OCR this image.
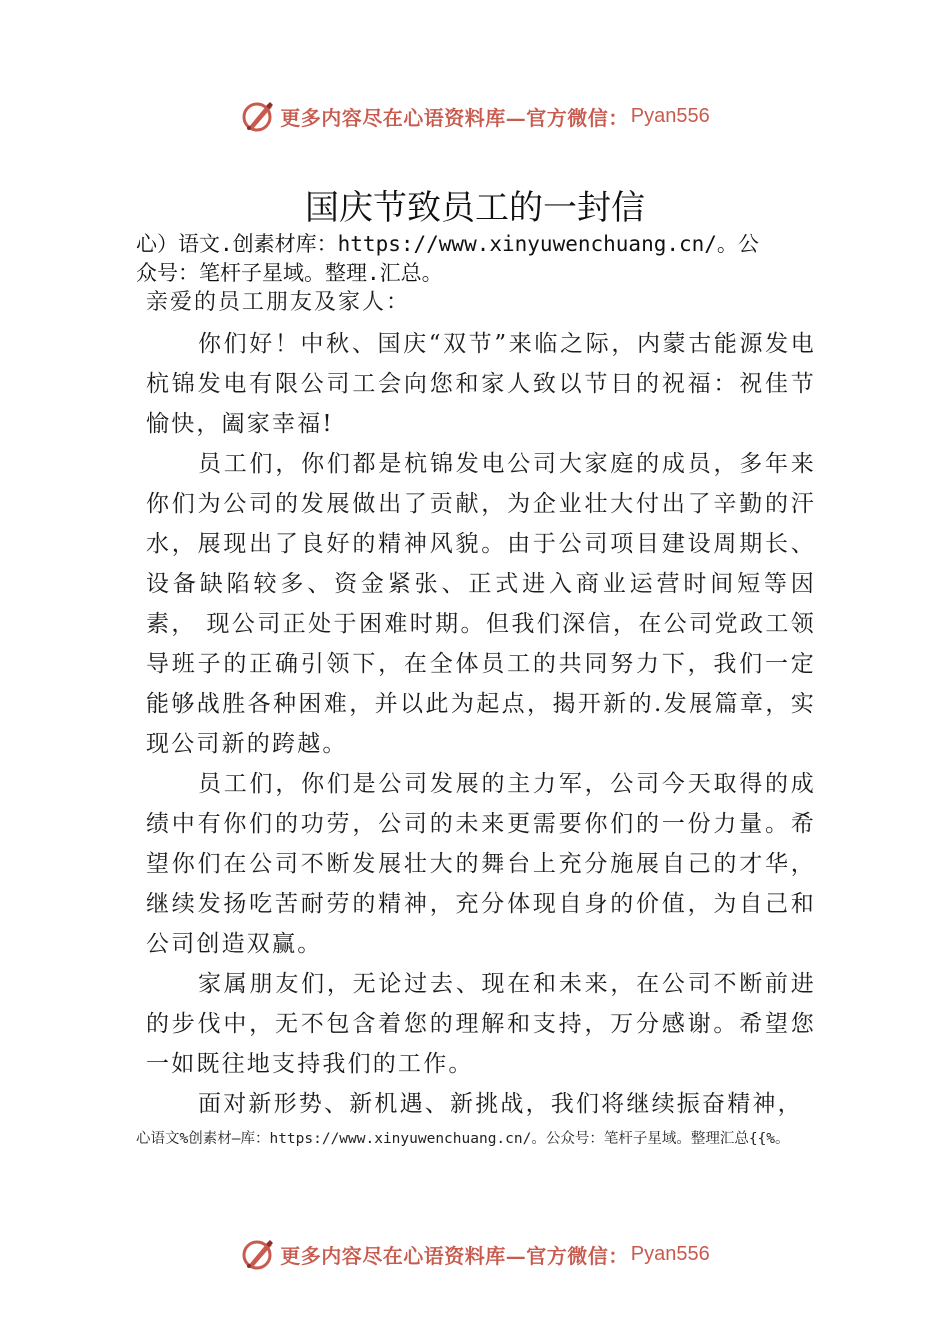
更多内容尽在心语资料库—官方微信： Pyan556
国庆节致员工的一封信
心）语文.创素材库：https://www.xinyuwenchuang.cn/。公
众号：笔杆子星域。整理.汇总。
亲爱的员工朋友及家人：

你们好！中秋、国庆“双节”来临之际，内蒙古能源发电杭锦发电有限公司工会向您和家人致以节日的祝福：祝佳节愉快，阖家幸福!

员工们，你们都是杭锦发电公司大家庭的成员，多年来你们为公司的发展做出了贡献，为企业壮大付出了辛勤的汗水，展现出了良好的精神风貌。由于公司项目建设周期长、 设备缺陷较多、资金紧张、正式进入商业运营时间短等因素， 现公司正处于困难时期。但我们深信，在公司党政工领导班子的正确引领下，在全体员工的共同努力下，我们一定能够战胜各种困难，并以此为起点，揭开新的.发展篇章，实现公司新的跨越。

员工们，你们是公司发展的主力军，公司今天取得的成绩中有你们的功劳，公司的未来更需要你们的一份力量。希望你们在公司不断发展壮大的舞台上充分施展自己的才华， 继续发扬吃苦耐劳的精神，充分体现自身的价值，为自己和公司创造双赢。

家属朋友们，无论过去、现在和未来，在公司不断前进的步伐中，无不包含着您的理解和支持，万分感谢。希望您一如既往地支持我们的工作。

面对新形势、新机遇、新挑战，我们将继续振奋精神，

心语文%创素材—库：https://www.xinyuwenchuang.cn/。公众号：笔杆子星域。整理汇总{{%。
更多内容尽在心语资料库—官方微信： Pyan556
